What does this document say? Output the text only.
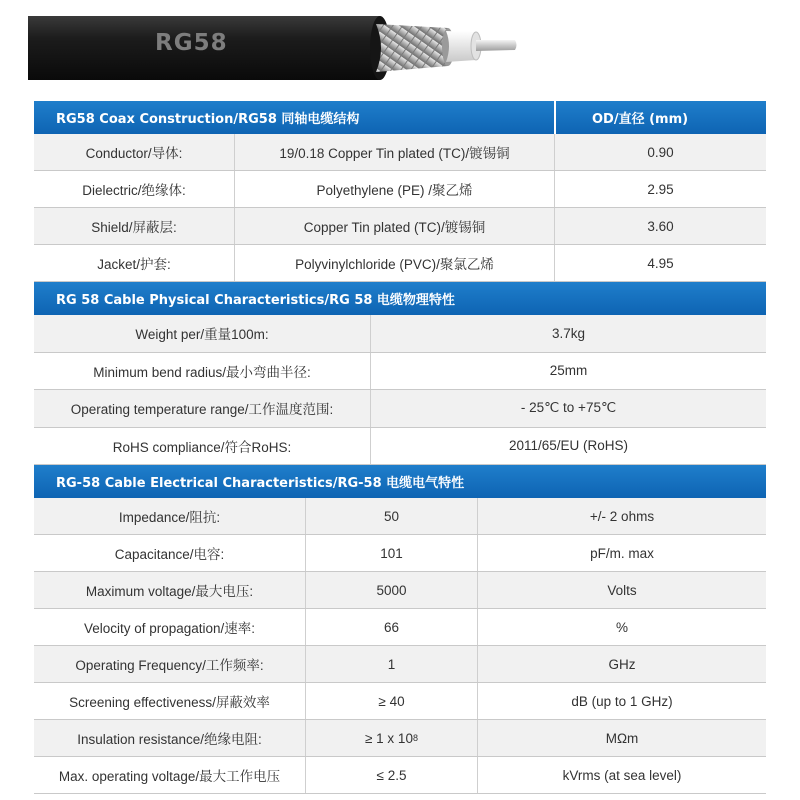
RG58
RG58 Coax Construction/RG58 同轴电缆结构	OD/直径 (mm)
Conductor/导体:	19/0.18 Copper Tin plated (TC)/镀锡铜	0.90
Dielectric/绝缘体:	Polyethylene (PE) /聚乙烯	2.95
Shield/屏蔽层:	Copper Tin plated (TC)/镀锡铜	3.60
Jacket/护套:	Polyvinylchloride (PVC)/聚氯乙烯	4.95
RG 58 Cable Physical Characteristics/RG 58 电缆物理特性
Weight per/重量100m:	3.7kg
Minimum bend radius/最小弯曲半径:	25mm
Operating temperature range/工作温度范围:	- 25℃ to +75℃
RoHS compliance/符合RoHS:	2011/65/EU (RoHS)
RG-58 Cable Electrical Characteristics/RG-58 电缆电气特性
Impedance/阻抗:	50	+/- 2 ohms
Capacitance/电容:	101	pF/m. max
Maximum voltage/最大电压:	5000	Volts
Velocity of propagation/速率:	66	%
Operating Frequency/工作频率:	1	GHz
Screening effectiveness/屏蔽效率	≥ 40	dB (up to 1 GHz)
Insulation resistance/绝缘电阻:	≥ 1 x 10 8	MΩm
Max. operating voltage/最大工作电压	≤ 2.5	kVrms (at sea level)
